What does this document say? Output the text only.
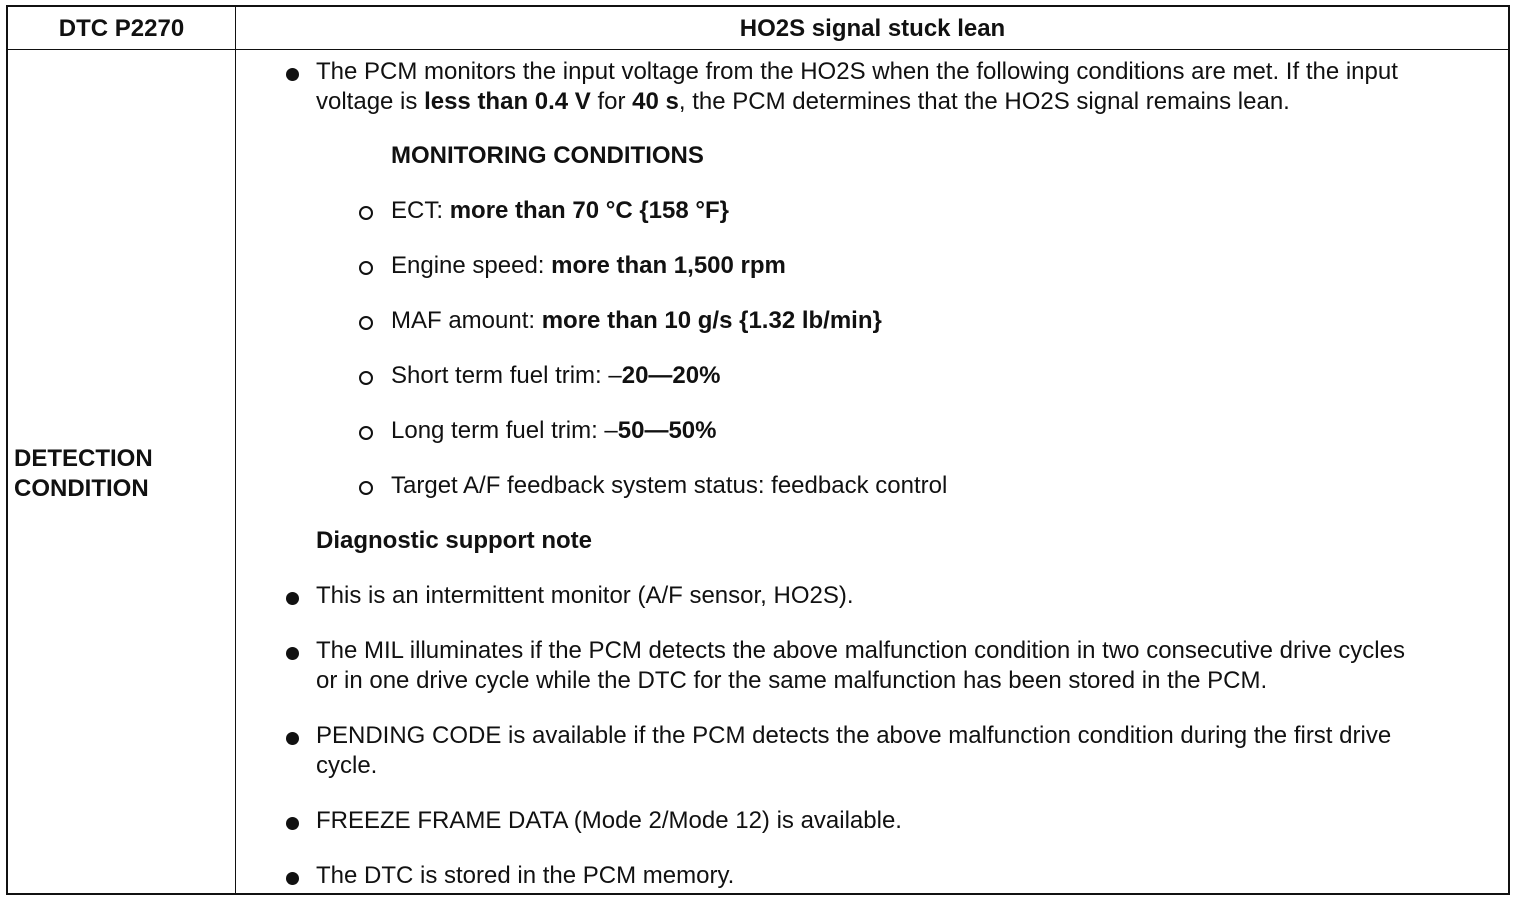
DTC P2270	HO2S signal stuck lean
DETECTION
CONDITION
The PCM monitors the input voltage from the HO2S when the following conditions are met. If the input
voltage is less than 0.4 V for 40 s, the PCM determines that the HO2S signal remains lean.
MONITORING CONDITIONS
ECT: more than 70 °C {158 °F}
Engine speed: more than 1,500 rpm
MAF amount: more than 10 g/s {1.32 lb/min}
Short term fuel trim: –20—20%
Long term fuel trim: –50—50%
Target A/F feedback system status: feedback control
Diagnostic support note
This is an intermittent monitor (A/F sensor, HO2S).
The MIL illuminates if the PCM detects the above malfunction condition in two consecutive drive cycles
or in one drive cycle while the DTC for the same malfunction has been stored in the PCM.
PENDING CODE is available if the PCM detects the above malfunction condition during the first drive
cycle.
FREEZE FRAME DATA (Mode 2/Mode 12) is available.
The DTC is stored in the PCM memory.
